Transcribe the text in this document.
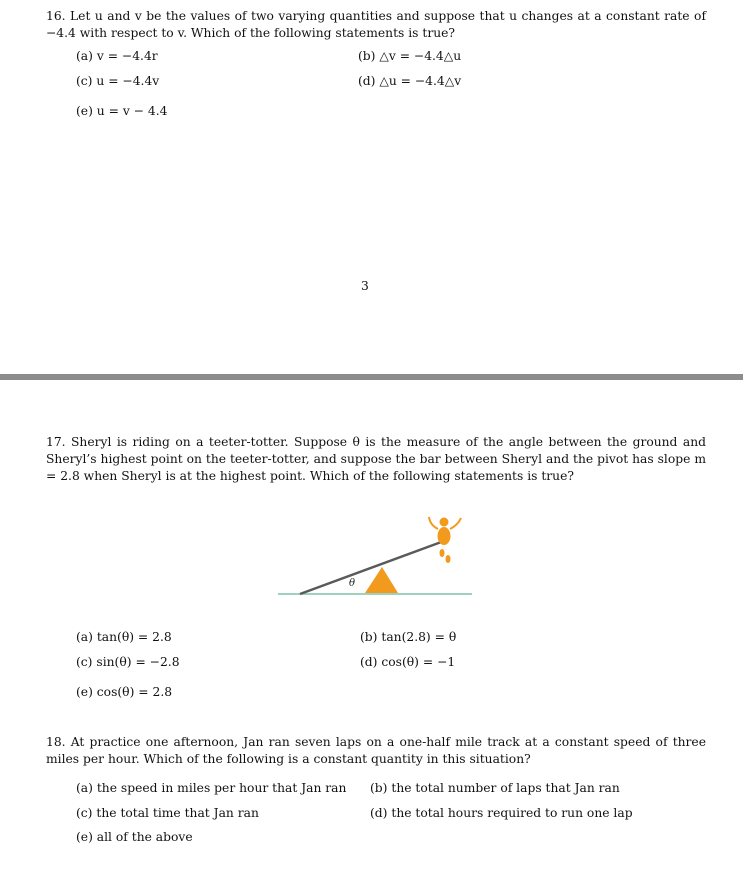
16. Let u and v be the values of two varying quantities and suppose that u changes at a constant rate of −4.4 with respect to v. Which of the following statements is true?
(a) v = −4.4r	(b) △v = −4.4△u
(c) u = −4.4v	(d) △u = −4.4△v
(e) u = v − 4.4
3
17. Sheryl is riding on a teeter-totter. Suppose θ is the measure of the angle between the ground and Sheryl’s highest point on the teeter-totter, and suppose the bar between Sheryl and the pivot has slope m = 2.8 when Sheryl is at the highest point. Which of the following statements is true?
θ
(a) tan(θ) = 2.8	(b) tan(2.8) = θ
(c) sin(θ) = −2.8	(d) cos(θ) = −1
(e) cos(θ) = 2.8
18. At practice one afternoon, Jan ran seven laps on a one-half mile track at a constant speed of three miles per hour. Which of the following is a constant quantity in this situation?
(a) the speed in miles per hour that Jan ran (b) the total number of laps that Jan ran
(c) the total time that Jan ran	(d) the total hours required to run one lap
(e) all of the above
